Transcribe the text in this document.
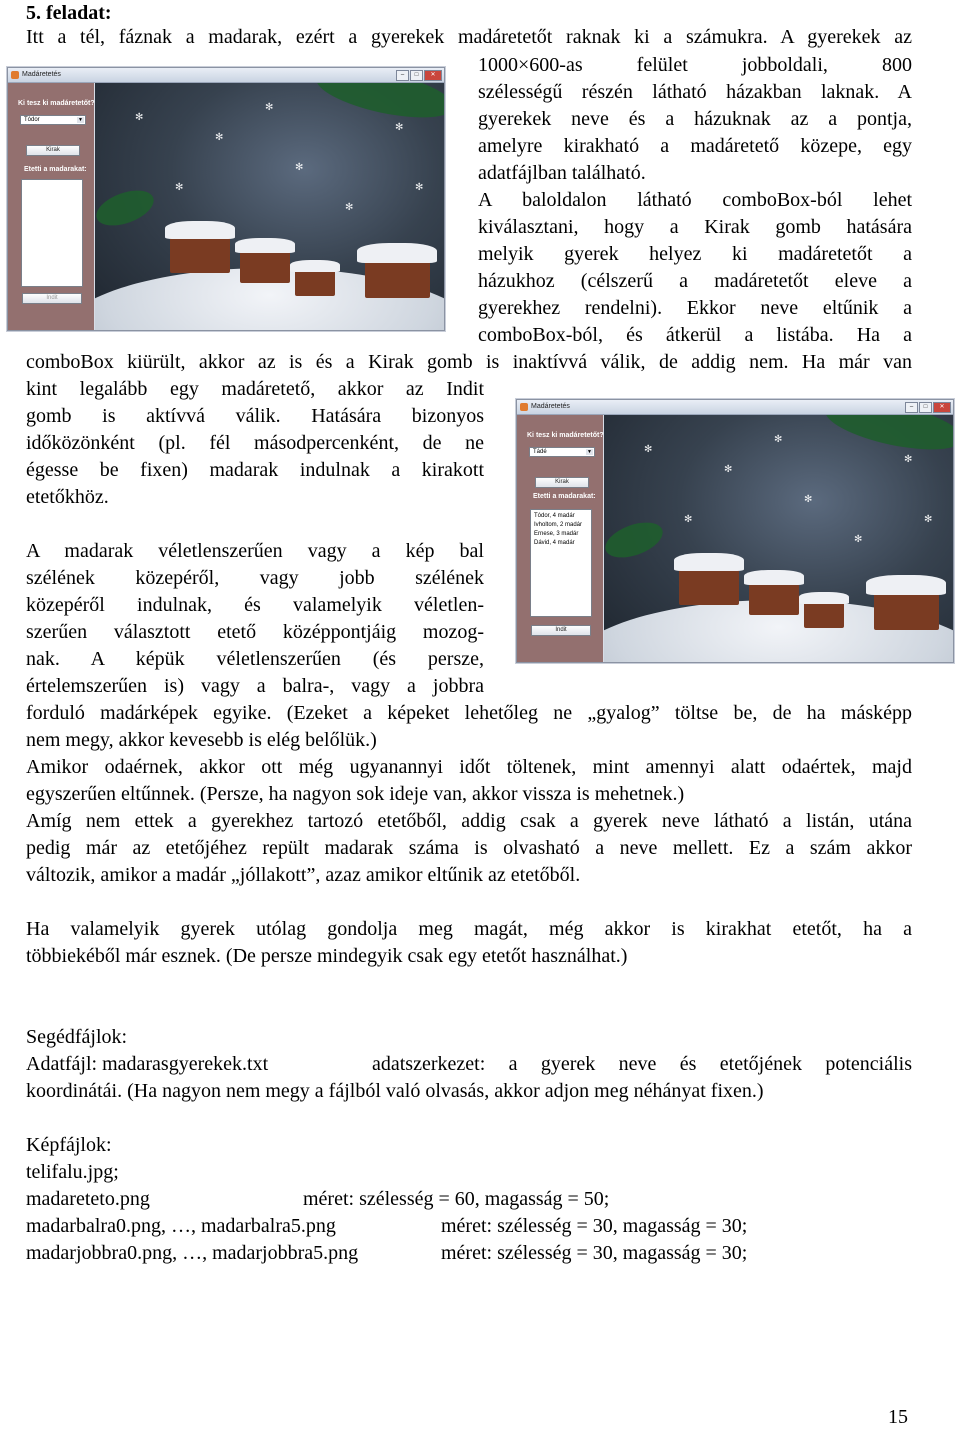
5. feladat:
Itt a tél, fáznak a madarak, ezért a gyerekek madáretetőt raknak ki a számukra. A gyerekek az
Madáretetés	–	□	✕
Ki tesz ki madáretetőt?
Tódor	▼
Kirak
Etetti a madarakat:
Indit
✻
✻
✻
✻
✻
✻
✻
✻
1000×600-as felület jobboldali, 800
szélességű részén látható házakban laknak. A
gyerekek neve és a házuknak az a pontja,
amelyre kirakható a madáretető közepe, egy
adatfájlban található.
A baloldalon látható comboBox-ból lehet
kiválasztani, hogy a Kirak gomb hatására
melyik gyerek helyez ki madáretetőt a
házukhoz (célszerű a madáretetőt eleve a
gyerekhez rendelni). Ekkor neve eltűnik a
comboBox-ból, és átkerül a listába. Ha a
comboBox kiürült, akkor az is és a Kirak gomb is inaktívvá válik, de addig nem. Ha már van
kint legalább egy madáretető, akkor az Indit
gomb is aktívvá válik. Hatására bizonyos
időközönként (pl. fél másodpercenként, de ne
égesse be fixen) madarak indulnak a kirakott
etetőkhöz.
A madarak véletlenszerűen vagy a kép bal
szélének közepéről, vagy jobb szélének
közepéről indulnak, és valamelyik véletlen-
szerűen választott etető középpontjáig mozog-
nak. A képük véletlenszerűen (és persze,
értelemszerűen is) vagy a balra-, vagy a jobbra
Madáretetés	–	□	✕
Ki tesz ki madáretetőt?
Tádé	▼
Kirak
Etetti a madarakat:
Tódor, 4 madár
Ivholtom, 2 madár
Ernese, 3 madár
Dávid, 4 madár
Indit
✻
✻
✻
✻
✻
✻
✻
✻
forduló madárképek egyike. (Ezeket a képeket lehetőleg ne „gyalog” töltse be, de ha másképp
nem megy, akkor kevesebb is elég belőlük.)
Amikor odaérnek, akkor ott még ugyanannyi időt töltenek, mint amennyi alatt odaértek, majd
egyszerűen eltűnnek. (Persze, ha nagyon sok ideje van, akkor vissza is mehetnek.)
Amíg nem ettek a gyerekhez tartozó etetőből, addig csak a gyerek neve látható a listán, utána
pedig már az etetőjéhez repült madarak száma is olvasható a neve mellett. Ez a szám akkor
változik, amikor a madár „jóllakott”, azaz amikor eltűnik az etetőből.
Ha valamelyik gyerek utólag gondolja meg magát, még akkor is kirakhat etetőt, ha a
többiekéből már esznek. (De persze mindegyik csak egy etetőt használhat.)
Segédfájlok:
Adatfájl: madarasgyerekek.txt	adatszerkezet: a gyerek neve és etetőjének potenciális
koordinátái. (Ha nagyon nem megy a fájlból való olvasás, akkor adjon meg néhányat fixen.)
Képfájlok:
telifalu.jpg;
madareteto.png	méret: szélesség = 60, magasság = 50;
madarbalra0.png, …, madarbalra5.png	méret: szélesség = 30, magasság = 30;
madarjobbra0.png, …, madarjobbra5.png	méret: szélesség = 30, magasság = 30;
15
